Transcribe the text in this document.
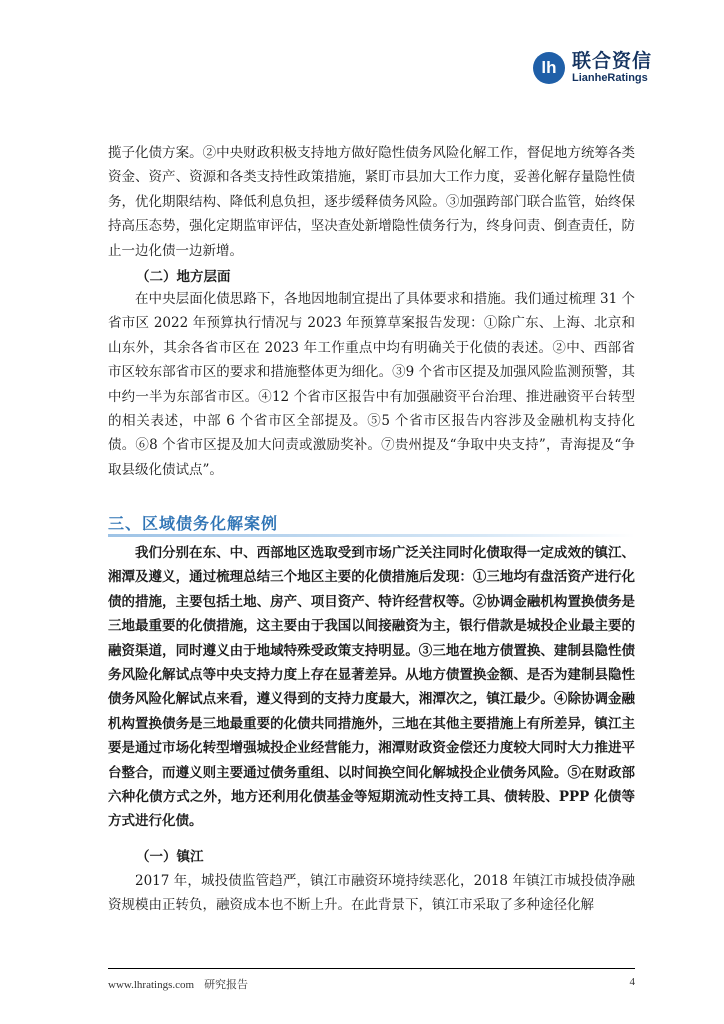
lh 联合资信
LianheRatings

揽子化债方案。②中央财政积极支持地方做好隐性债务风险化解工作，督促地方统筹各类资金、资产、资源和各类支持性政策措施，紧盯市县加大工作力度，妥善化解存量隐性债务，优化期限结构、降低利息负担，逐步缓释债务风险。③加强跨部门联合监管，始终保持高压态势，强化定期监审评估，坚决查处新增隐性债务行为，终身问责、倒查责任，防止一边化债一边新增。

（二）地方层面

在中央层面化债思路下，各地因地制宜提出了具体要求和措施。我们通过梳理 31 个省市区 2022 年预算执行情况与 2023 年预算草案报告发现：①除广东、上海、北京和山东外，其余各省市区在 2023 年工作重点中均有明确关于化债的表述。②中、西部省市区较东部省市区的要求和措施整体更为细化。③9 个省市区提及加强风险监测预警，其中约一半为东部省市区。④12 个省市区报告中有加强融资平台治理、推进融资平台转型的相关表述，中部 6 个省市区全部提及。⑤5 个省市区报告内容涉及金融机构支持化债。⑥8 个省市区提及加大问责或激励奖补。⑦贵州提及“争取中央支持”，青海提及“争取县级化债试点”。

三、区域债务化解案例

我们分别在东、中、西部地区选取受到市场广泛关注同时化债取得一定成效的镇江、湘潭及遵义，通过梳理总结三个地区主要的化债措施后发现：①三地均有盘活资产进行化债的措施，主要包括土地、房产、项目资产、特许经营权等。②协调金融机构置换债务是三地最重要的化债措施，这主要由于我国以间接融资为主，银行借款是城投企业最主要的融资渠道，同时遵义由于地域特殊受政策支持明显。③三地在地方债置换、建制县隐性债务风险化解试点等中央支持力度上存在显著差异。从地方债置换金额、是否为建制县隐性债务风险化解试点来看，遵义得到的支持力度最大，湘潭次之，镇江最少。④除协调金融机构置换债务是三地最重要的化债共同措施外，三地在其他主要措施上有所差异，镇江主要是通过市场化转型增强城投企业经营能力，湘潭财政资金偿还力度较大同时大力推进平台整合，而遵义则主要通过债务重组、以时间换空间化解城投企业债务风险。⑤在财政部六种化债方式之外，地方还利用化债基金等短期流动性支持工具、债转股、PPP 化债等方式进行化债。

（一）镇江

2017 年，城投债监管趋严，镇江市融资环境持续恶化，2018 年镇江市城投债净融资规模由正转负，融资成本也不断上升。在此背景下，镇江市采取了多种途径化解

www.lhratings.com 研究报告	4
